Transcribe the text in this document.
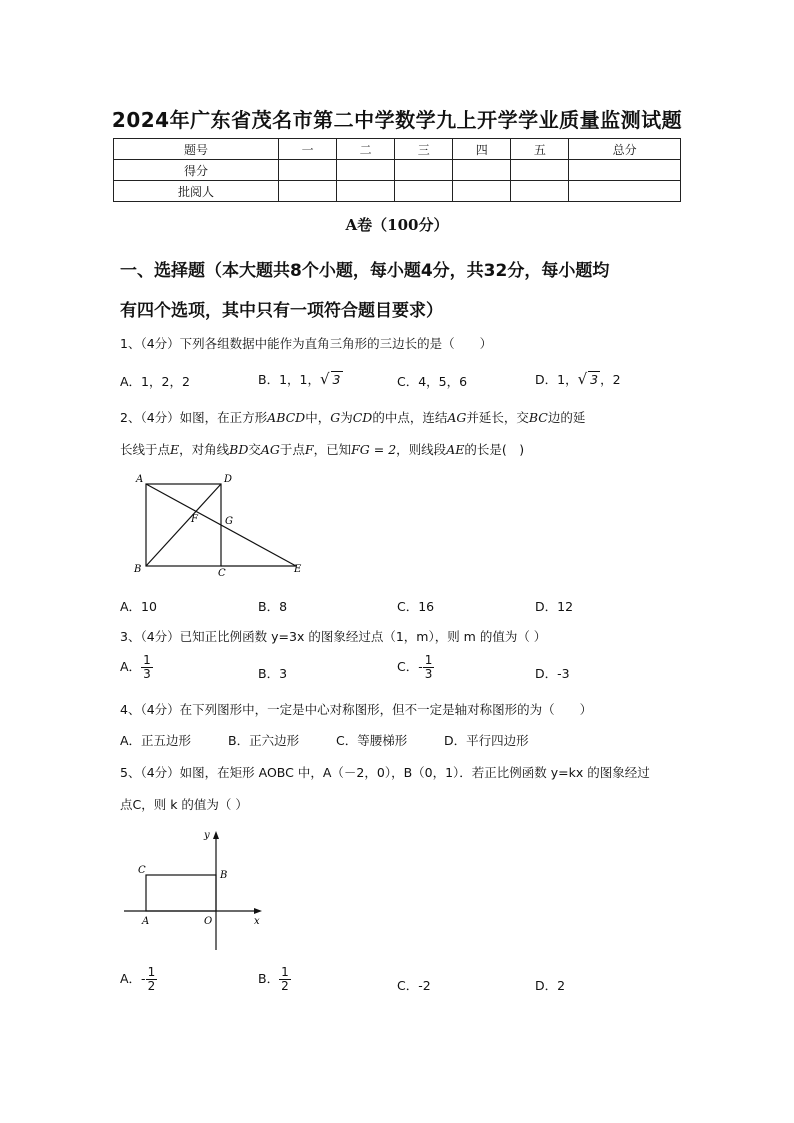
2024年广东省茂名市第二中学数学九上开学学业质量监测试题
题号	一	二	三	四	五	总分
得分						
批阅人						
A卷（100分）
一、选择题（本大题共8个小题，每小题4分，共32分，每小题均
有四个选项，其中只有一项符合题目要求）
1、（4分）下列各组数据中能作为直角三角形的三边长的是（　　）
A．1，2，2	B．1，1，√ 3	C．4，5，6	D．1，√ 3 ，2
2、（4分）如图，在正方形ABCD中，G为CD的中点，连结AG并延长，交BC边的延
长线于点E，对角线BD交AG于点F，已知FG = 2，则线段AE的长是(　)
A	D
F	G
B	C	E
A．10	B．8	C．16	D．12
3、（4分）已知正比例函数 y=3x 的图象经过点（1，m），则 m 的值为（ ）
A． $\frac{1}{3}$	B．3	C．- $\frac{1}{3}$	D．-3
4、（4分）在下列图形中，一定是中心对称图形，但不一定是轴对称图形的为（　　）
A．正五边形	B．正六边形	C．等腰梯形	D．平行四边形
5、（4分）如图，在矩形 AOBC 中，A（－2，0），B（0，1）．若正比例函数 y=kx 的图象经过
点C，则 k 的值为（ ）
y
C	B
A	O	x
A．- $\frac{1}{2}$	B． $\frac{1}{2}$	C．-2	D．2
